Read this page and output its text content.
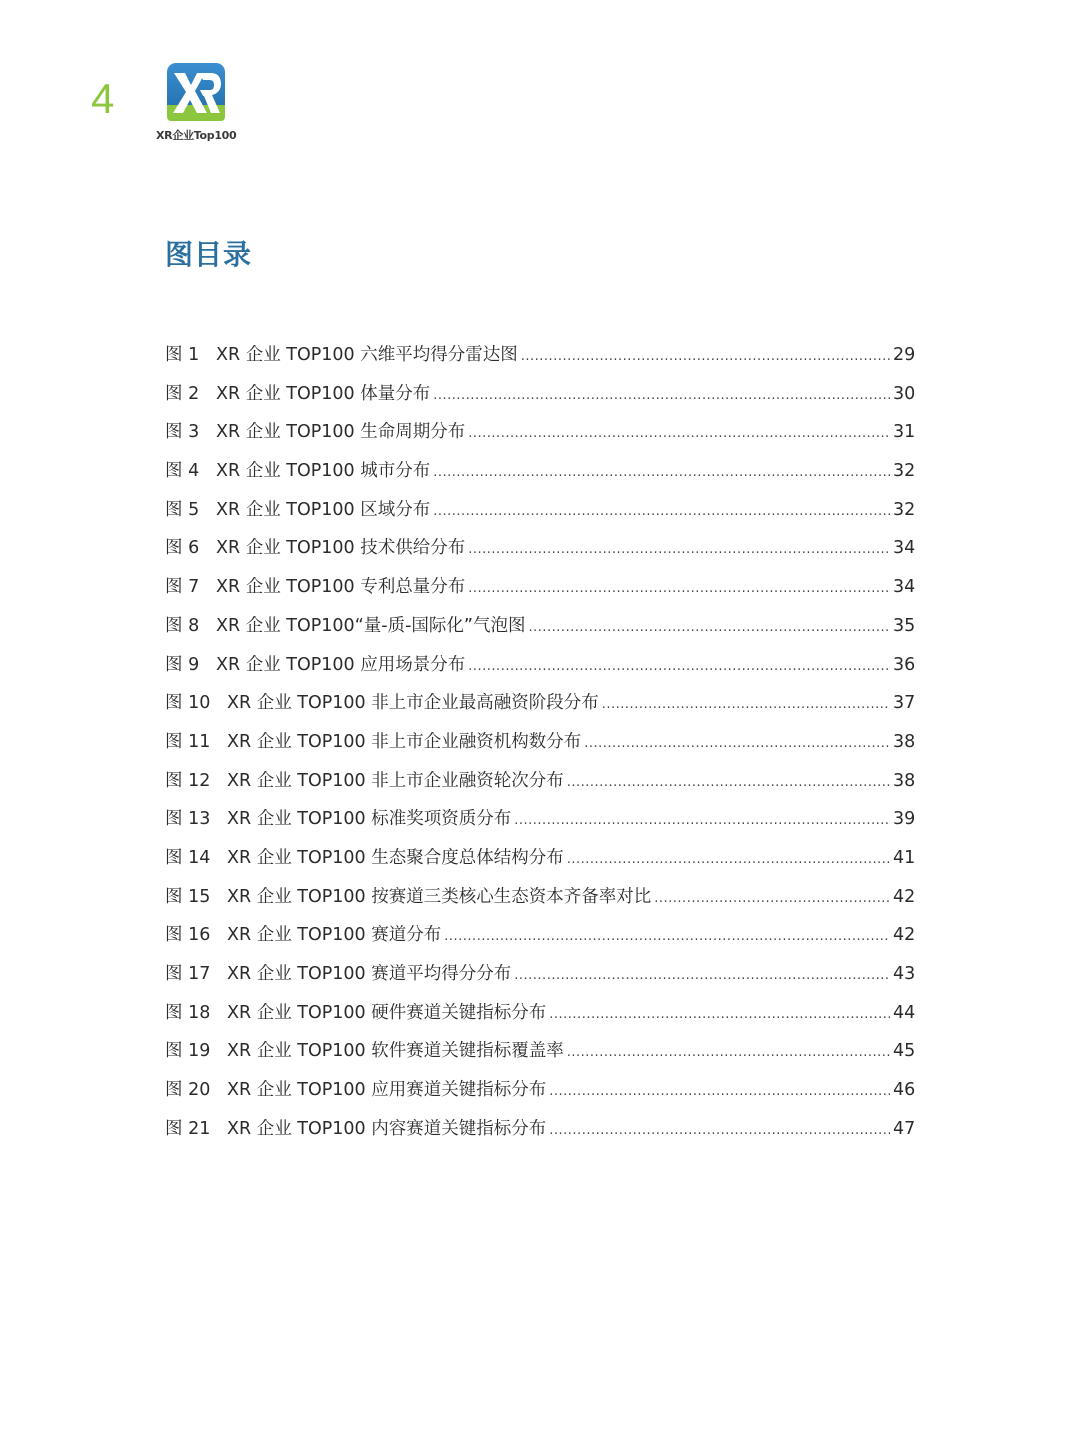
4
XR企业Top100
图目录
图 1 XR 企业 TOP100 六维平均得分雷达图 .....	29
图 2 XR 企业 TOP100 体量分布 .....	30
图 3 XR 企业 TOP100 生命周期分布 .....	31
图 4 XR 企业 TOP100 城市分布 .....	32
图 5 XR 企业 TOP100 区域分布 .....	32
图 6 XR 企业 TOP100 技术供给分布 .....	34
图 7 XR 企业 TOP100 专利总量分布 .....	34
图 8 XR 企业 TOP100“量-质-国际化”气泡图 .....	35
图 9 XR 企业 TOP100 应用场景分布 .....	36
图 10 XR 企业 TOP100 非上市企业最高融资阶段分布 .....	37
图 11 XR 企业 TOP100 非上市企业融资机构数分布 .....	38
图 12 XR 企业 TOP100 非上市企业融资轮次分布 .....	38
图 13 XR 企业 TOP100 标准奖项资质分布 .....	39
图 14 XR 企业 TOP100 生态聚合度总体结构分布 .....	41
图 15 XR 企业 TOP100 按赛道三类核心生态资本齐备率对比 .....	42
图 16 XR 企业 TOP100 赛道分布 .....	42
图 17 XR 企业 TOP100 赛道平均得分分布 .....	43
图 18 XR 企业 TOP100 硬件赛道关键指标分布 .....	44
图 19 XR 企业 TOP100 软件赛道关键指标覆盖率 .....	45
图 20 XR 企业 TOP100 应用赛道关键指标分布 .....	46
图 21 XR 企业 TOP100 内容赛道关键指标分布 .....	47
